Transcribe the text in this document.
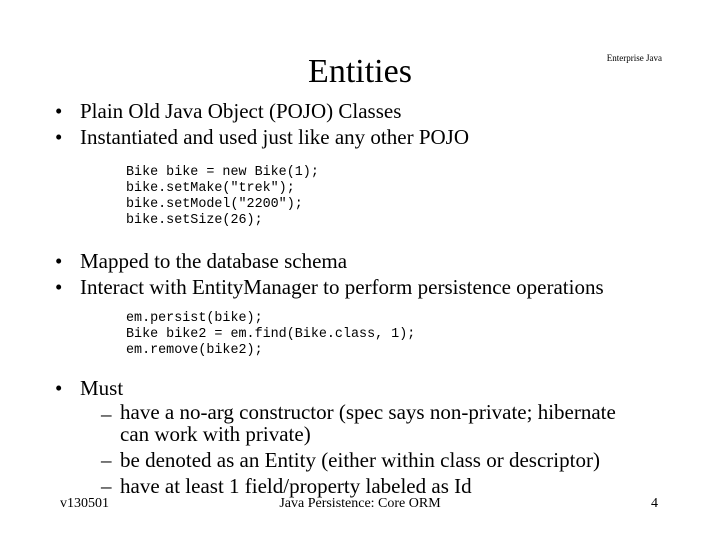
Entities	Enterprise Java
• Plain Old Java Object (POJO) Classes
• Instantiated and used just like any other POJO
Bike bike = new Bike(1);
bike.setMake("trek");
bike.setModel("2200");
bike.setSize(26);
• Mapped to the database schema
• Interact with EntityManager to perform persistence operations
em.persist(bike);
Bike bike2 = em.find(Bike.class, 1);
em.remove(bike2);
• Must
– have a no-arg constructor (spec says non-private; hibernate can work with private)
– be denoted as an Entity (either within class or descriptor)
– have at least 1 field/property labeled as Id
v130501	Java Persistence: Core ORM	4
